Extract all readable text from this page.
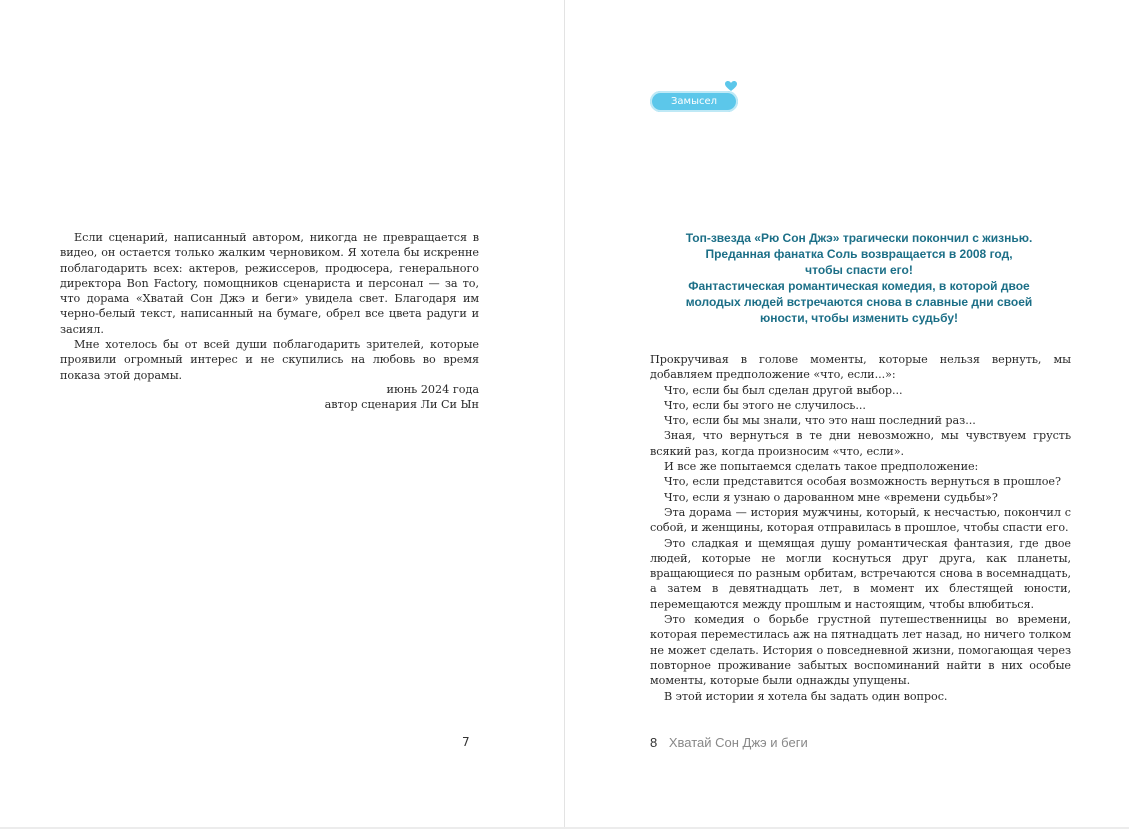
Если сценарий, написанный автором, никогда не превращается в видео, он остается только жалким черновиком. Я хотела бы искренне поблагодарить всех: актеров, режиссеров, продюсера, генерального директора Bon Factory, помощников сценариста и персонал — за то, что дорама «Хватай Сон Джэ и беги» увидела свет. Благодаря им черно-белый текст, написанный на бумаге, обрел все цвета радуги и засиял.

Мне хотелось бы от всей души поблагодарить зрителей, которые проявили огромный интерес и не скупились на любовь во время показа этой дорамы.

июнь 2024 года
автор сценария Ли Си Ын
7
Замысел
Топ-звезда «Рю Сон Джэ» трагически покончил с жизнью.
Преданная фанатка Соль возвращается в 2008 год,
чтобы спасти его!
Фантастическая романтическая комедия, в которой двое
молодых людей встречаются снова в славные дни своей
юности, чтобы изменить судьбу!

Прокручивая в голове моменты, которые нельзя вернуть, мы добавляем предположение «что, если...»:

Что, если бы был сделан другой выбор...

Что, если бы этого не случилось...

Что, если бы мы знали, что это наш последний раз...

Зная, что вернуться в те дни невозможно, мы чувствуем грусть всякий раз, когда произносим «что, если».

И все же попытаемся сделать такое предположение:

Что, если представится особая возможность вернуться в прошлое?

Что, если я узнаю о дарованном мне «времени судьбы»?

Эта дорама — история мужчины, который, к несчастью, покончил с собой, и женщины, которая отправилась в прошлое, чтобы спасти его.

Это сладкая и щемящая душу романтическая фантазия, где двое людей, которые не могли коснуться друг друга, как планеты, вращающиеся по разным орбитам, встречаются снова в восемнадцать, а затем в девятнадцать лет, в момент их блестящей юности, перемещаются между прошлым и настоящим, чтобы влюбиться.

Это комедия о борьбе грустной путешественницы во времени, которая переместилась аж на пятнадцать лет назад, но ничего толком не может сделать. История о повседневной жизни, помогающая через повторное проживание забытых воспоминаний найти в них особые моменты, которые были однажды упущены.

В этой истории я хотела бы задать один вопрос.

8 Хватай Сон Джэ и беги
